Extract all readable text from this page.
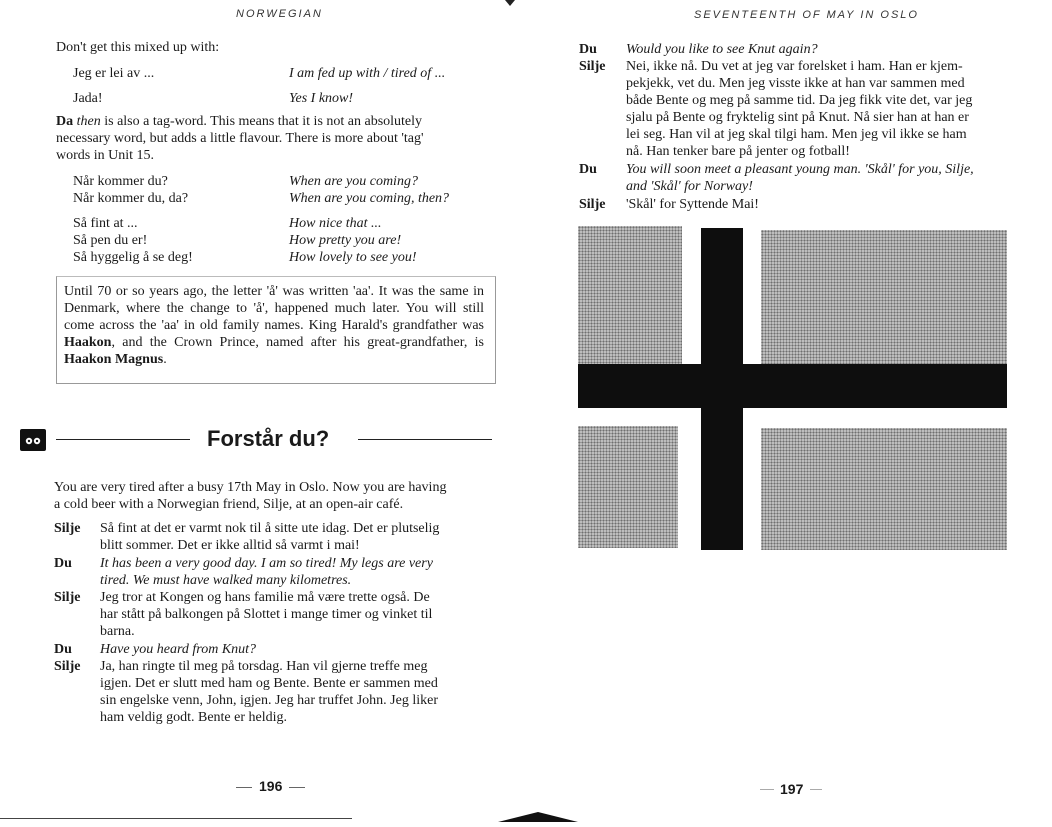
NORWEGIAN
Don't get this mixed up with:
Jeg er lei av ...	I am fed up with / tired of ...
Jada!	Yes I know!
Da then is also a tag-word. This means that it is not an absolutely
necessary word, but adds a little flavour. There is more about 'tag'
words in Unit 15.
Når kommer du?	When are you coming?
Når kommer du, da?	When are you coming, then?
Så fint at ...	How nice that ...
Så pen du er!	How pretty you are!
Så hyggelig å se deg!	How lovely to see you!
Until 70 or so years ago, the letter 'å' was written 'aa'. It was the same in Denmark, where the change to 'å', happened much later. You will still come across the 'aa' in old family names. King Harald's grandfather was Haakon, and the Crown Prince, named after his great-grandfather, is Haakon Magnus.
Forstår du?
You are very tired after a busy 17th May in Oslo. Now you are having
a cold beer with a Norwegian friend, Silje, at an open-air café.
Silje Så fint at det er varmt nok til å sitte ute idag. Det er plutselig
blitt sommer. Det er ikke alltid så varmt i mai!
Du It has been a very good day. I am so tired! My legs are very
tired. We must have walked many kilometres.
Silje Jeg tror at Kongen og hans familie må være trette også. De
har stått på balkongen på Slottet i mange timer og vinket til
barna.
Du Have you heard from Knut?
Silje Ja, han ringte til meg på torsdag. Han vil gjerne treffe meg
igjen. Det er slutt med ham og Bente. Bente er sammen med
sin engelske venn, John, igjen. Jeg har truffet John. Jeg liker
ham veldig godt. Bente er heldig.
196
SEVENTEENTH OF MAY IN OSLO
Du Would you like to see Knut again?
Silje Nei, ikke nå. Du vet at jeg var forelsket i ham. Han er kjem-
pekjekk, vet du. Men jeg visste ikke at han var sammen med
både Bente og meg på samme tid. Da jeg fikk vite det, var jeg
sjalu på Bente og fryktelig sint på Knut. Nå sier han at han er
lei seg. Han vil at jeg skal tilgi ham. Men jeg vil ikke se ham
nå. Han tenker bare på jenter og fotball!
Du You will soon meet a pleasant young man. 'Skål' for you, Silje,
and 'Skål' for Norway!
Silje 'Skål' for Syttende Mai!
197
